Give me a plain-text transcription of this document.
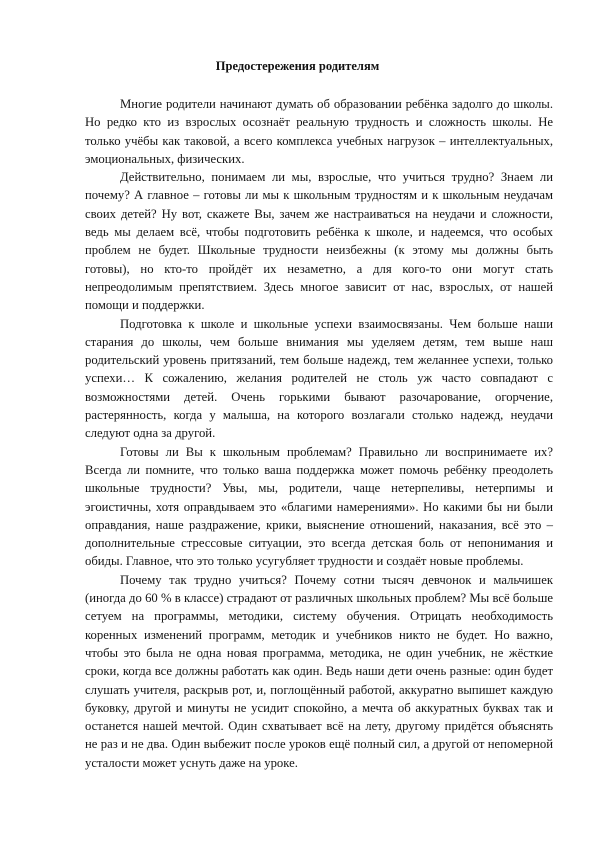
Предостережения родителям

Многие родители начинают думать об образовании ребёнка задолго до школы. Но редко кто из взрослых осознаёт реальную трудность и сложность школы. Не только учёбы как таковой, а всего комплекса учебных нагрузок – интеллектуальных, эмоциональных, физических.

Действительно, понимаем ли мы, взрослые, что учиться трудно? Знаем ли почему? А главное – готовы ли мы к школьным трудностям и к школьным неудачам своих детей? Ну вот, скажете Вы, зачем же настраиваться на неудачи и сложности, ведь мы делаем всё, чтобы подготовить ребёнка к школе, и надеемся, что особых проблем не будет. Школьные трудности неизбежны (к этому мы должны быть готовы), но кто-то пройдёт их незаметно, а для кого-то они могут стать непреодолимым препятствием. Здесь многое зависит от нас, взрослых, от нашей помощи и поддержки.

Подготовка к школе и школьные успехи взаимосвязаны. Чем больше наши старания до школы, чем больше внимания мы уделяем детям, тем выше наш родительский уровень притязаний, тем больше надежд, тем желаннее успехи, только успехи… К сожалению, желания родителей не столь уж часто совпадают с возможностями детей. Очень горькими бывают разочарование, огорчение, растерянность, когда у малыша, на которого возлагали столько надежд, неудачи следуют одна за другой.

Готовы ли Вы к школьным проблемам? Правильно ли воспринимаете их? Всегда ли помните, что только ваша поддержка может помочь ребёнку преодолеть школьные трудности? Увы, мы, родители, чаще нетерпеливы, нетерпимы и эгоистичны, хотя оправдываем это «благими намерениями». Но какими бы ни были оправдания, наше раздражение, крики, выяснение отношений, наказания, всё это – дополнительные стрессовые ситуации, это всегда детская боль от непонимания и обиды. Главное, что это только усугубляет трудности и создаёт новые проблемы.

Почему так трудно учиться? Почему сотни тысяч девчонок и мальчишек (иногда до 60 % в классе) страдают от различных школьных проблем? Мы всё больше сетуем на программы, методики, систему обучения. Отрицать необходимость коренных изменений программ, методик и учебников никто не будет. Но важно, чтобы это была не одна новая программа, методика, не один учебник, не жёсткие сроки, когда все должны работать как один. Ведь наши дети очень разные: один будет слушать учителя, раскрыв рот, и, поглощённый работой, аккуратно выпишет каждую буковку, другой и минуты не усидит спокойно, а мечта об аккуратных буквах так и останется нашей мечтой. Один схватывает всё на лету, другому придётся объяснять не раз и не два. Один выбежит после уроков ещё полный сил, а другой от непомерной усталости может уснуть даже на уроке.
